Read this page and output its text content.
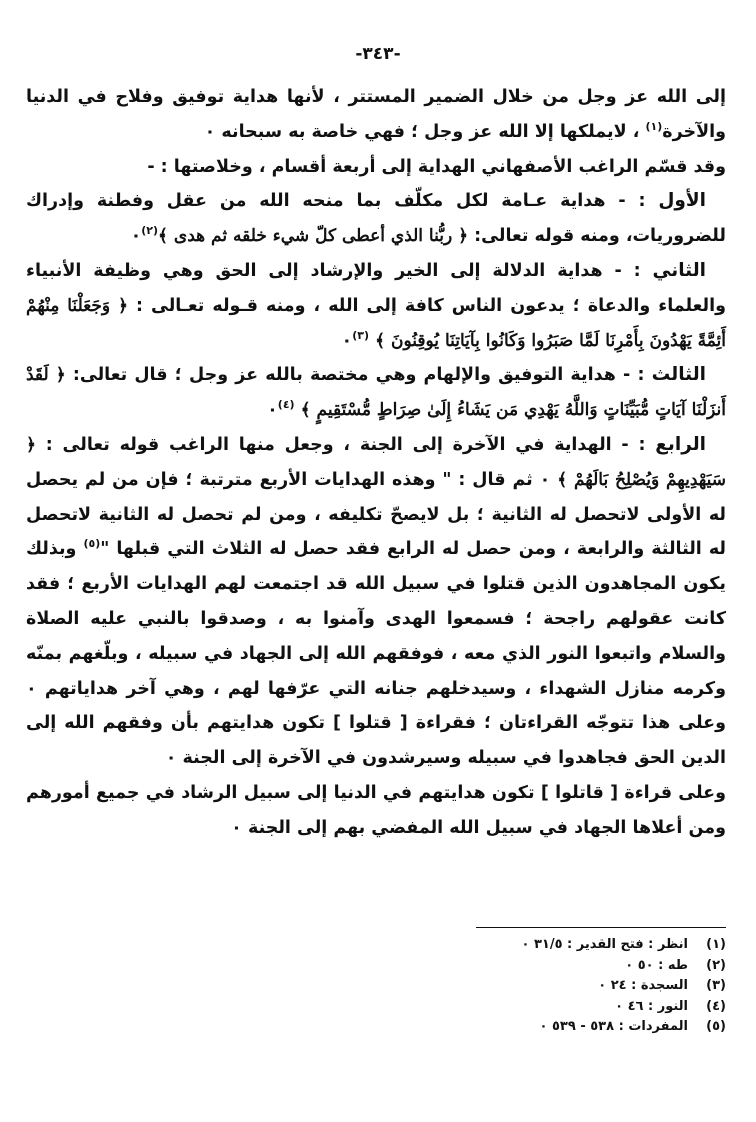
-٣٤٣-

إلى الله عز وجل من خلال الضمير المستتر ، لأنها هداية توفيق وفلاح في الدنيا والآخرة$^{(١)}$ ، لايملكها إلا الله عز وجل ؛ فهي خاصة به سبحانه ٠

وقد قسّم الراغب الأصفهاني الهداية إلى أربعة أقسام ، وخلاصتها : -

الأول : - هداية عـامة لكل مكلّف بما منحه الله من عقل وفطنة وإدراك للضروريات، ومنه قوله تعالى: ﴿ ربُّنا الذي أعطى كلّ شيء خلقه ثم هدى ﴾$^{(٢)}$٠

الثاني : - هداية الدلالة إلى الخير والإرشاد إلى الحق وهي وظيفة الأنبياء والعلماء والدعاة ؛ يدعون الناس كافة إلى الله ، ومنه قـوله تعـالى : ﴿ وَجَعَلْنَا مِنْهُمْ أَئِمَّةً يَهْدُونَ بِأَمْرِنَا لَمَّا صَبَرُوا وَكَانُوا بِآيَاتِنَا يُوقِنُونَ ﴾ $^{(٣)}$٠

الثالث : - هداية التوفيق والإلهام وهي مختصة بالله عز وجل ؛ قال تعالى: ﴿ لَقَدْ أَنزَلْنَا آيَاتٍ مُّبَيِّنَاتٍ وَاللَّهُ يَهْدِي مَن يَشَاءُ إِلَىٰ صِرَاطٍ مُّسْتَقِيمٍ ﴾ $^{(٤)}$٠

الرابع : - الهداية في الآخرة إلى الجنة ، وجعل منها الراغب قوله تعالى : ﴿ سَيَهْدِيهِمْ وَيُصْلِحُ بَالَهُمْ ﴾ ٠ ثم قال : " وهذه الهدايات الأربع مترتبة ؛ فإن من لم يحصل له الأولى لاتحصل له الثانية ؛ بل لايصحّ تكليفه ، ومن لم تحصل له الثانية لاتحصل له الثالثة والرابعة ، ومن حصل له الرابع فقد حصل له الثلاث التي قبلها "$^{(٥)}$ وبذلك يكون المجاهدون الذين قتلوا في سبيل الله قد اجتمعت لهم الهدايات الأربع ؛ فقد كانت عقولهم راجحة ؛ فسمعوا الهدى وآمنوا به ، وصدقوا بالنبي عليه الصلاة والسلام واتبعوا النور الذي معه ، فوفقهم الله إلى الجهاد في سبيله ، وبلّغهم بمنّه وكرمه منازل الشهداء ، وسيدخلهم جنانه التي عرّفها لهم ، وهي آخر هداياتهم ٠ وعلى هذا تتوجّه القراءتان ؛ فقراءة [ قتلوا ] تكون هدايتهم بأن وفقهم الله إلى الدين الحق فجاهدوا في سبيله وسيرشدون في الآخرة إلى الجنة ٠

وعلى قراءة [ قاتلوا ] تكون هدايتهم في الدنيا إلى سبيل الرشاد في جميع أمورهم ومن أعلاها الجهاد في سبيل الله المفضي بهم إلى الجنة ٠

(١)
انظر : فتح القدير : ٣١/٥ ٠
(٢)
طه : ٥٠ ٠
(٣)
السجدة : ٢٤ ٠
(٤)
النور : ٤٦ ٠
(٥)
المفردات : ٥٣٨ - ٥٣٩ ٠
